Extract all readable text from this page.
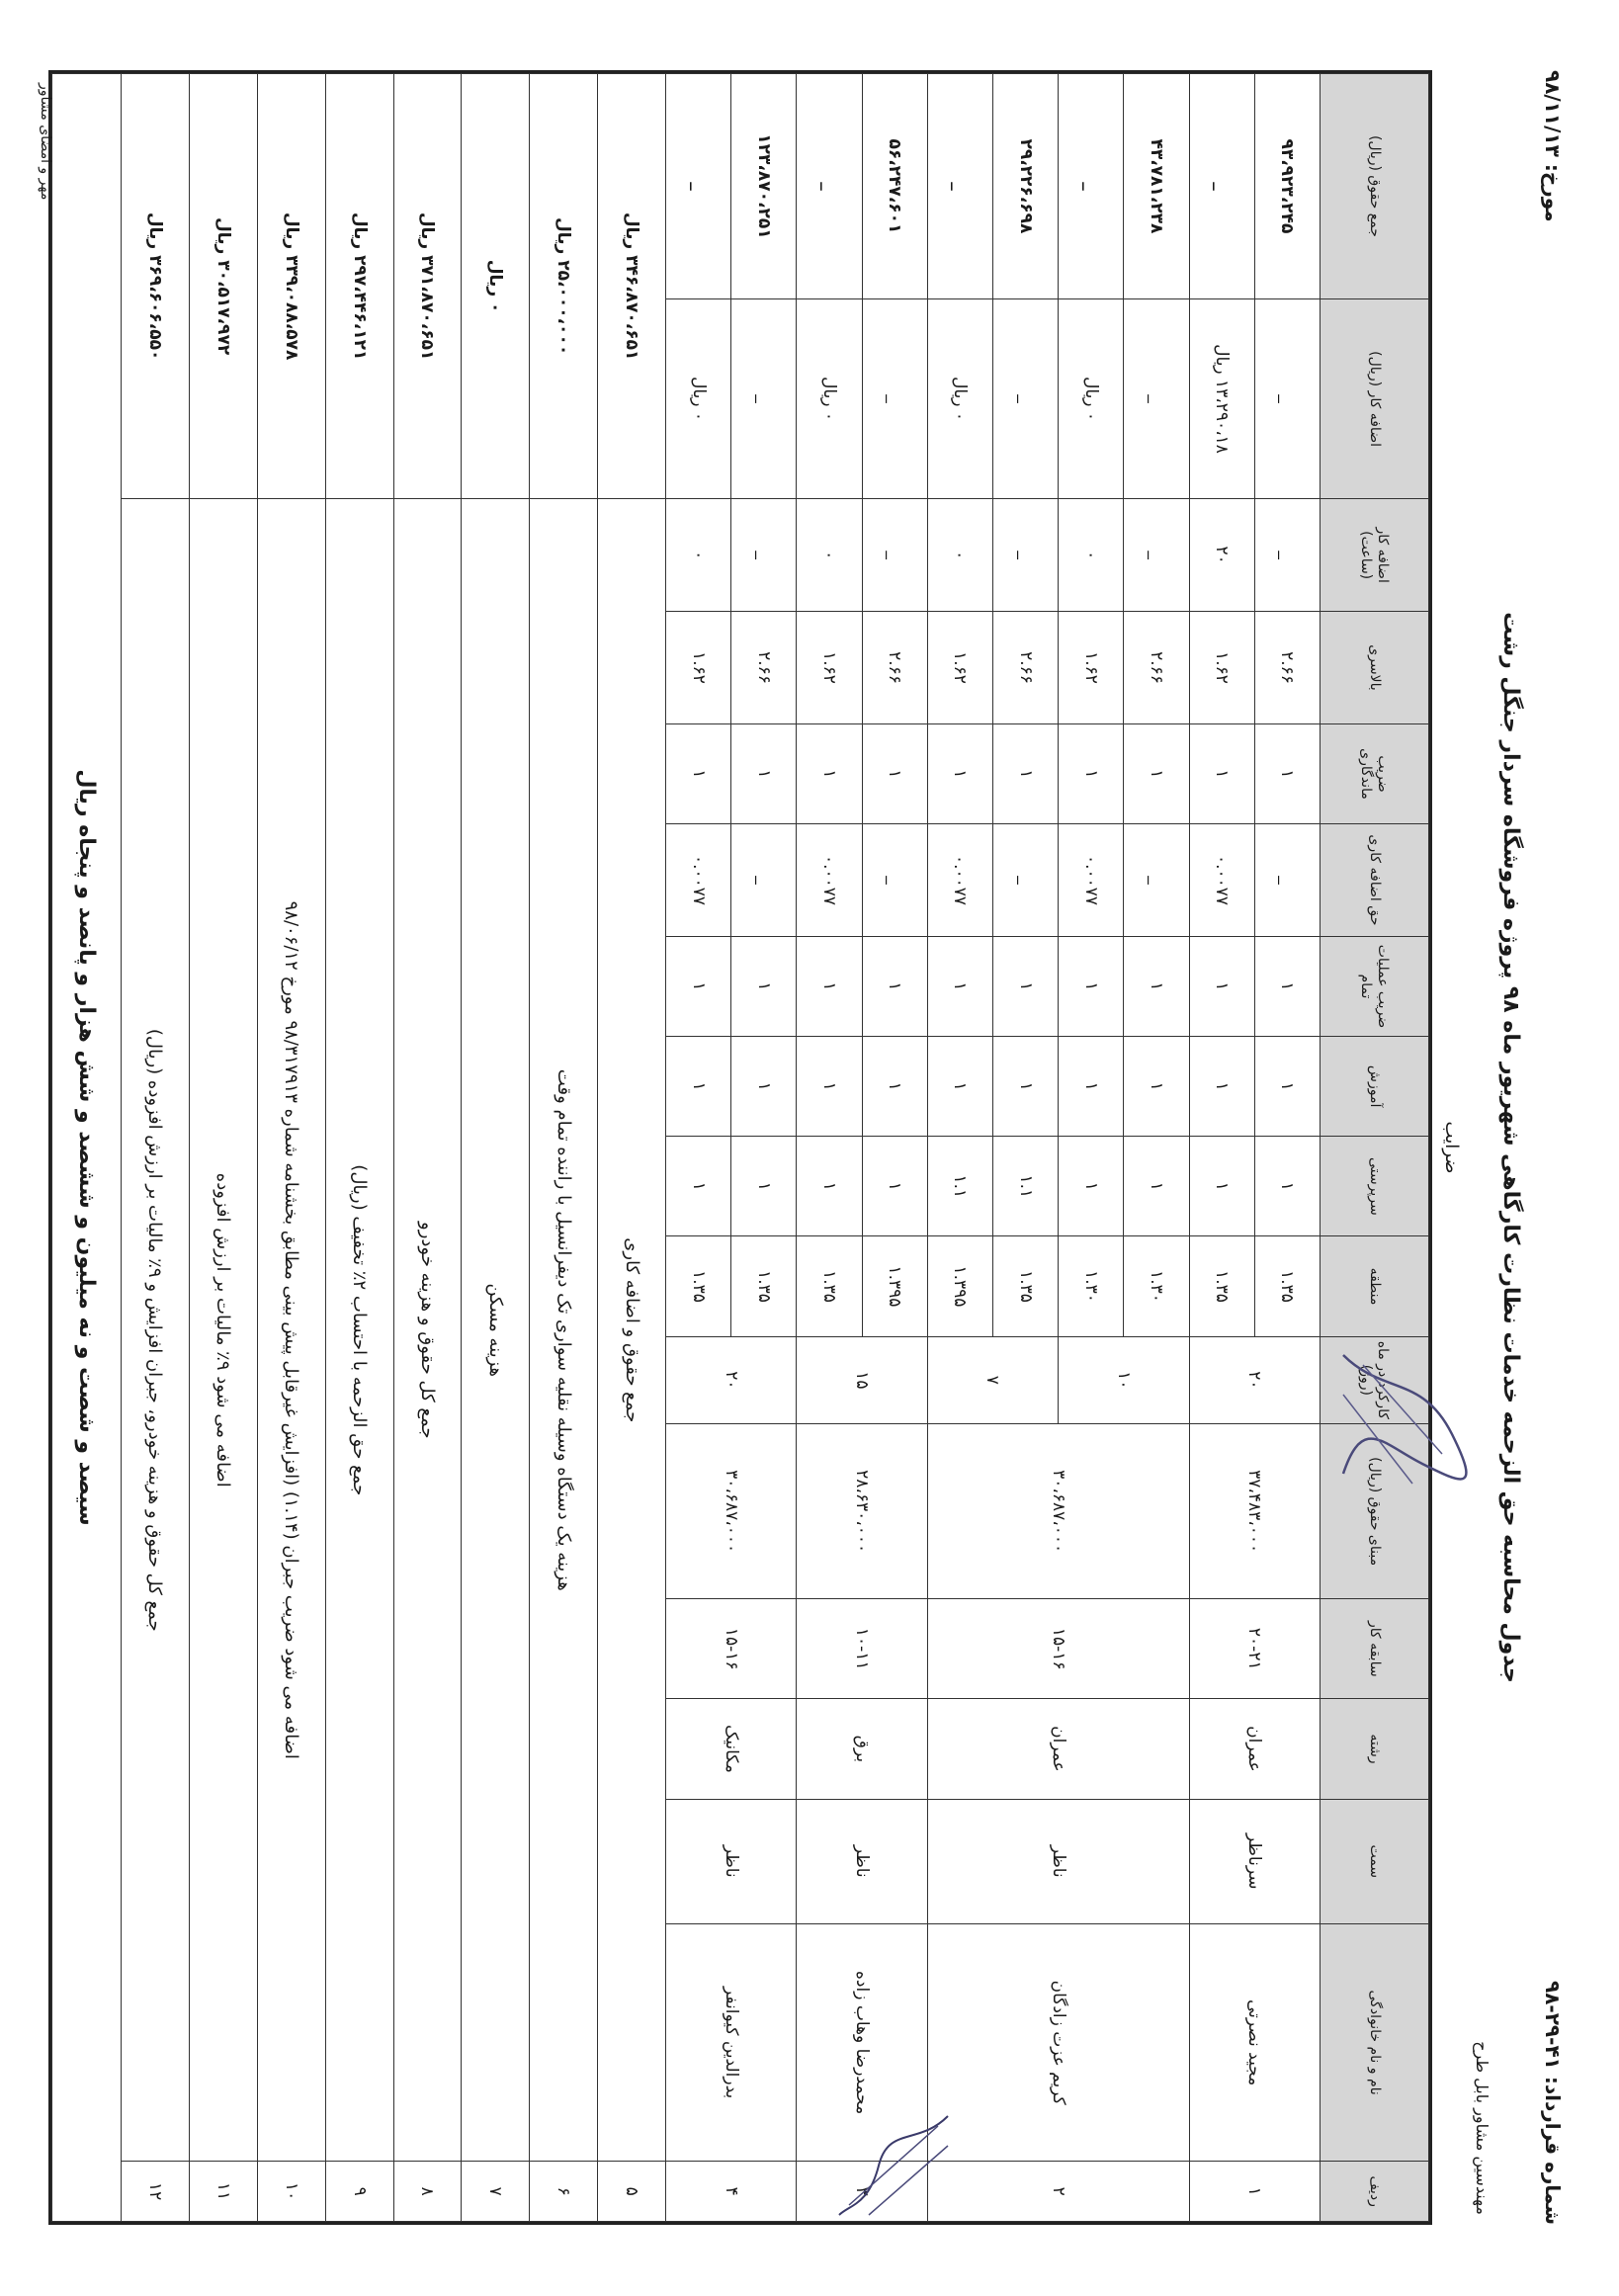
شماره قرارداد: ۴۱-۲۹-۹۸
مورخ: ۹۸/۱۱/۱۳
جدول محاسبه حق الزحمه خدمات نظارت کارگاهی شهریور ماه ۹۸ پروژه فروشگاه سردار جنگل رشت
مهندسین مشاور بابل طرح
ضرایب
ردیف	نام و نام خانوادگی	سمت	رشته	سابقه کار	مبنای حقوق (ریال)	کارکرد در ماه (روز)	منطقه	سرپرستی	آموزش	ضریب عملیات تمام	حق اضافه کاری	ضریب ماندگاری	بالاسری	اضافه کار (ساعت)	اضافه کار (ریال)	جمع حقوق (ریال)
۱	مجید نصرتی	سرناظر	عمران	۲۰-۲۱	۳۷،۴۸۳،۰۰۰	۲۰	۱.۳۵	۱	۱	۱	_	۱	۲.۶۶	_	_	۹۳،۹۲۳،۲۴۵
							۱.۳۵	۱	۱	۱	۰.۰۰۷۷	۱	۱.۶۲	۲۰	۱۳،۲۹۰،۱۸ ریال	_
۲	کریم عزت زادگان	ناظر	عمران	۱۵-۱۶	۳۰،۶۸۷،۰۰۰	۱۰	۱.۳۰	۱	۱	۱	_	۱	۲.۶۶	_	_	۴۳،۷۸۱،۲۳۸
							۱.۳۰	۱	۱	۱	۰.۰۰۷۷	۱	۱.۶۲	۰	۰ ریال	_
						۷	۱.۳۵	۱.۱	۱	۱	_	۱	۲.۶۶	_	_	۲۹،۲۲۶،۶۹۸
							۱.۳۹۵	۱.۱	۱	۱	۰.۰۰۷۷	۱	۱.۶۲	۰	۰ ریال	_
۳	محمدرضا وهاب زاده	ناظر	برق	۱۰-۱۱	۲۸،۶۳۰،۰۰۰	۱۵	۱.۳۹۵	۱	۱	۱	_	۱	۲.۶۶	_	_	۵۶،۲۴۷،۶۰۱
							۱.۳۵	۱	۱	۱	۰.۰۰۷۷	۱	۱.۶۲	۰	۰ ریال	_
۴	بدرالدین کیوانفر	ناظر	مکانیک	۱۵-۱۶	۳۰،۶۸۷،۰۰۰	۲۰	۱.۳۵	۱	۱	۱	_	۱	۲.۶۶	_	_	۱۲۳،۸۷۰،۲۵۱
							۱.۳۵	۱	۱	۱	۰.۰۰۷۷	۱	۱.۶۲	۰	۰ ریال	_
۵	جمع حقوق و اضافه کاری														۳۴۶،۸۷۰،۶۵۱ ریال	
۶	هزینه یک دستگاه وسیله نقلیه سواری تک دیفرانسیل با راننده تمام وقت														۲۵،۰۰۰،۰۰۰ ریال	
۷	هزینه مسکن														۰ ریال	
۸	جمع کل حقوق و هزینه خودرو														۳۷۱،۸۷۰،۶۵۱ ریال	
۹	جمع حق الزحمه با احتساب ۲٪ تخفیف (ریال)														۲۹۷،۴۴۶،۱۲۱ ریال	
۱۰	اضافه می شود ضریب جبران (۱.۱۴) (افزایش غیرقابل پیش بینی مطابق بخشنامه شماره ۹۸/۳۱۷۹۱۳ مورخ ۹۸/۰۶/۱۲														۳۳۹،۰۸۸،۵۷۸ ریال	
۱۱	اضافه می شود ۹٪ مالیات بر ارزش افزوده														۳۰،۵۱۷،۹۷۲ ریال	
۱۲	جمع کل حقوق و هزینه خودرو، جبران افزایش و ۹٪ مالیات بر ارزش افزوده (ریال)														۳۶۹،۶۰۶،۵۵۰ ریال	
سیصد و شصت و نه میلیون و ششصد و شش هزار و پانصد و پنجاه ریال																
مهر و امضای مشاور
